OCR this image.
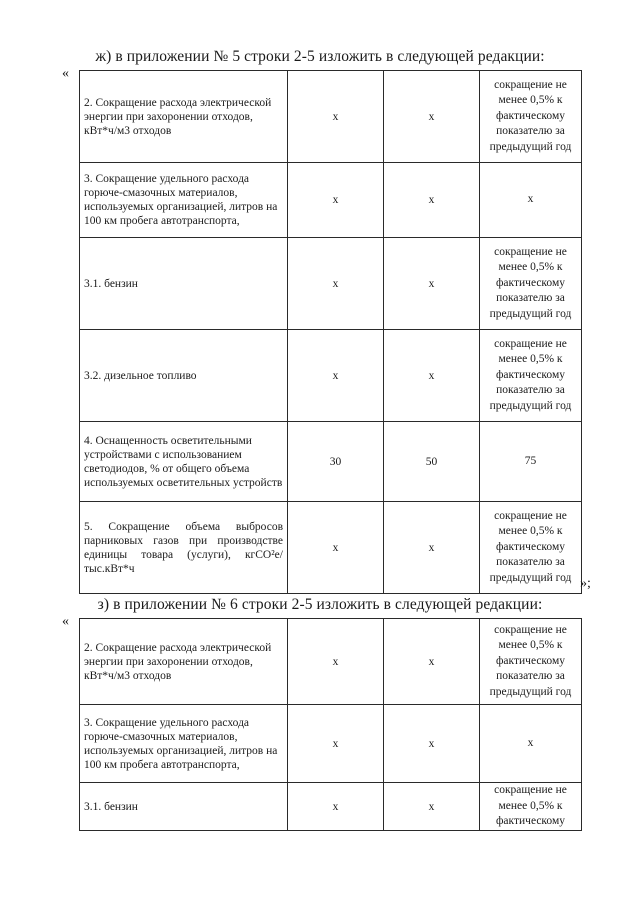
ж) в приложении № 5 строки 2-5 изложить в следующей редакции:
«
2. Сокращение расхода электрической энергии при захоронении отходов, кВт*ч/м3 отходов	x	x	сокращение не менее 0,5% к фактическому показателю за предыдущий год
3. Сокращение удельного расхода горюче-смазочных материалов, используемых организацией, литров на 100 км пробега автотранспорта,	x	x	x
3.1. бензин	x	x	сокращение не менее 0,5% к фактическому показателю за предыдущий год
3.2. дизельное топливо	x	x	сокращение не менее 0,5% к фактическому показателю за предыдущий год
4. Оснащенность осветительными устройствами с использованием светодиодов, % от общего объема используемых осветительных устройств	30	50	75
5. Сокращение объема выбросов парниковых газов при производстве единицы товара (услуги), кгCO²e/тыс.кВт*ч	x	x	сокращение не менее 0,5% к фактическому показателю за предыдущий год »;
з) в приложении № 6 строки 2-5 изложить в следующей редакции:
«
2. Сокращение расхода электрической энергии при захоронении отходов, кВт*ч/м3 отходов	x	x	сокращение не менее 0,5% к фактическому показателю за предыдущий год
3. Сокращение удельного расхода горюче-смазочных материалов, используемых организацией, литров на 100 км пробега автотранспорта,	x	x	x
3.1. бензин	x	x	сокращение не менее 0,5% к фактическому
